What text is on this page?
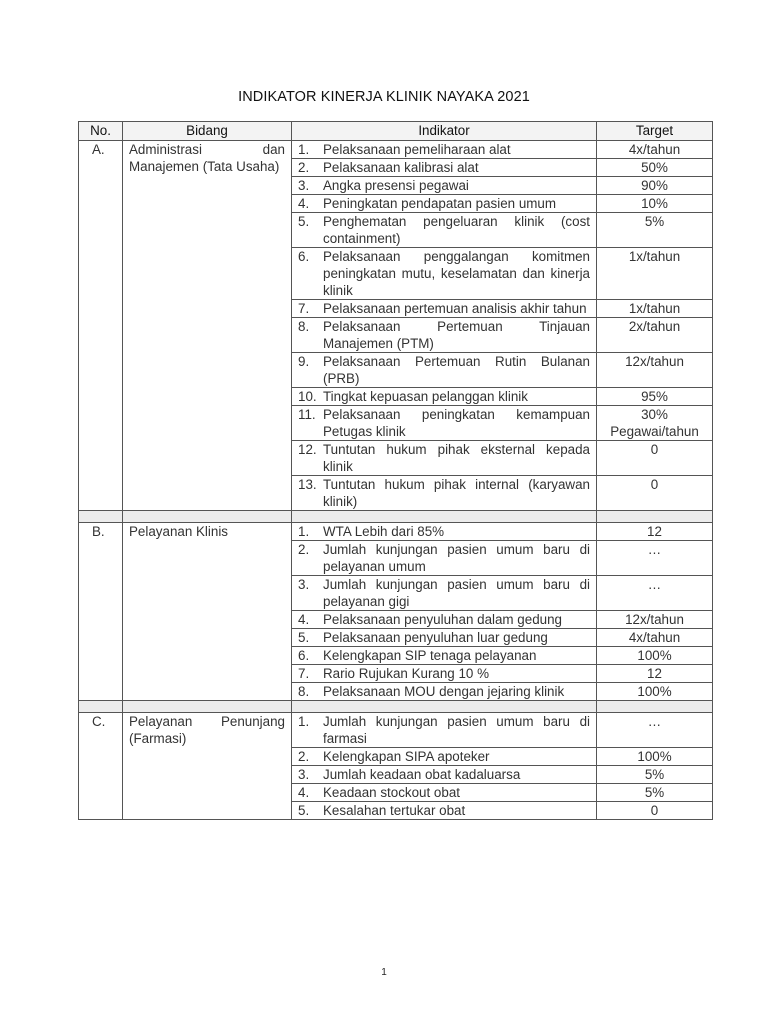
INDIKATOR KINERJA KLINIK NAYAKA 2021
No.	Bidang	Indikator	Target
A.	Administrasi dan Manajemen (Tata Usaha)	1. Pelaksanaan pemeliharaan alat	4x/tahun

		2. Pelaksanaan kalibrasi alat	50%

		3. Angka presensi pegawai	90%

		4. Peningkatan pendapatan pasien umum	10%

		5. Penghematan pengeluaran klinik (cost containment)	5%

		6. Pelaksanaan penggalangan komitmen peningkatan mutu, keselamatan dan kinerja klinik	1x/tahun

		7. Pelaksanaan pertemuan analisis akhir tahun	1x/tahun

		8. Pelaksanaan Pertemuan Tinjauan Manajemen (PTM)	2x/tahun

		9. Pelaksanaan Pertemuan Rutin Bulanan (PRB)	12x/tahun

		10. Tingkat kepuasan pelanggan klinik	95%

		11. Pelaksanaan peningkatan kemampuan Petugas klinik	30% Pegawai/tahun

		12. Tuntutan hukum pihak eksternal kepada klinik	0

		13. Tuntutan hukum pihak internal (karyawan klinik)	0

B.	Pelayanan Klinis	1. WTA Lebih dari 85%	12

		2. Jumlah kunjungan pasien umum baru di pelayanan umum	…

		3. Jumlah kunjungan pasien umum baru di pelayanan gigi	…

		4. Pelaksanaan penyuluhan dalam gedung	12x/tahun

		5. Pelaksanaan penyuluhan luar gedung	4x/tahun

		6. Kelengkapan SIP tenaga pelayanan	100%

		7. Rario Rujukan Kurang 10 %	12

		8. Pelaksanaan MOU dengan jejaring klinik	100%

C.	Pelayanan Penunjang (Farmasi)	1. Jumlah kunjungan pasien umum baru di farmasi	…

		2. Kelengkapan SIPA apoteker	100%

		3. Jumlah keadaan obat kadaluarsa	5%

		4. Keadaan stockout obat	5%

		5. Kesalahan tertukar obat	0
1
